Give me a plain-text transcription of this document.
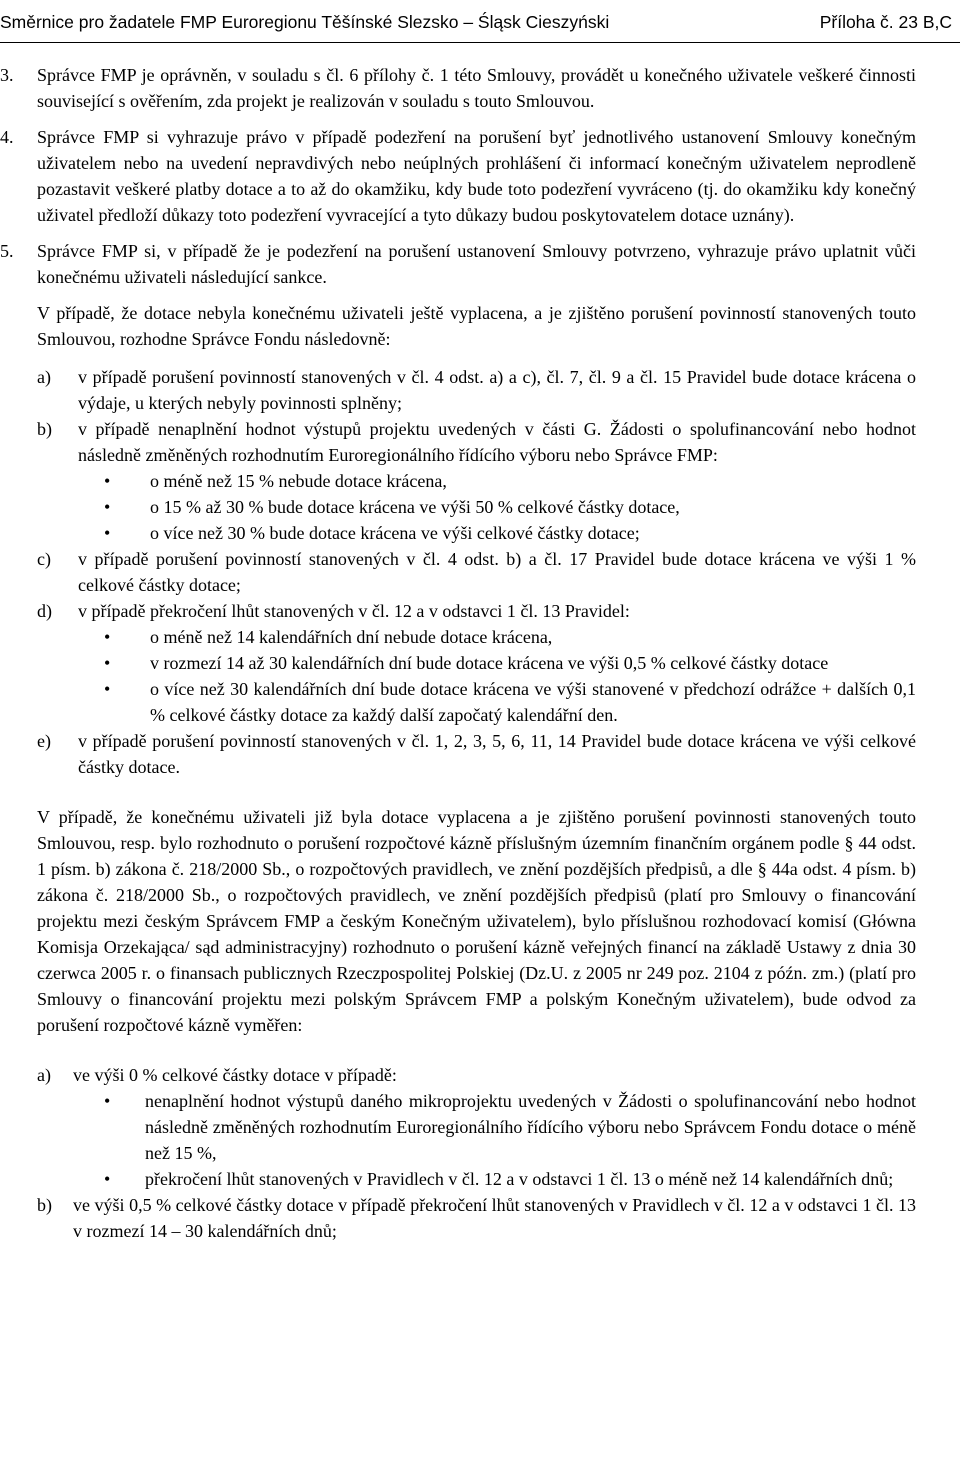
Směrnice pro žadatele FMP Euroregionu Těšínské Slezsko – Śląsk Cieszyński	Příloha č. 23 B,C
3. Správce FMP je oprávněn, v souladu s čl. 6 přílohy č. 1 této Smlouvy, provádět u konečného uživatele veškeré činnosti související s ověřením, zda projekt je realizován v souladu s touto Smlouvou.
4. Správce FMP si vyhrazuje právo v případě podezření na porušení byť jednotlivého ustanovení Smlouvy konečným uživatelem nebo na uvedení nepravdivých nebo neúplných prohlášení či informací konečným uživatelem neprodleně pozastavit veškeré platby dotace a to až do okamžiku, kdy bude toto podezření vyvráceno (tj. do okamžiku kdy konečný uživatel předloží důkazy toto podezření vyvracející a tyto důkazy budou poskytovatelem dotace uznány).
5. Správce FMP si, v případě že je podezření na porušení ustanovení Smlouvy potvrzeno, vyhrazuje právo uplatnit vůči konečnému uživateli následující sankce.
V případě, že dotace nebyla konečnému uživateli ještě vyplacena, a je zjištěno porušení povinností stanovených touto Smlouvou, rozhodne Správce Fondu následovně:
a) v případě porušení povinností stanovených v čl. 4 odst. a) a c), čl. 7, čl. 9 a čl. 15 Pravidel bude dotace krácena o výdaje, u kterých nebyly povinnosti splněny;
b) v případě nenaplnění hodnot výstupů projektu uvedených v části G. Žádosti o spolufinancování nebo hodnot následně změněných rozhodnutím Euroregionálního řídícího výboru nebo Správce FMP:
• o méně než 15 % nebude dotace krácena,
• o 15 % až 30 % bude dotace krácena ve výši 50 % celkové částky dotace,
• o více než 30 % bude dotace krácena ve výši celkové částky dotace;
c) v případě porušení povinností stanovených v čl. 4 odst. b) a čl. 17 Pravidel bude dotace krácena ve výši 1 % celkové částky dotace;
d) v případě překročení lhůt stanovených v čl. 12 a v odstavci 1 čl. 13 Pravidel:
• o méně než 14 kalendářních dní nebude dotace krácena,
• v rozmezí 14 až 30 kalendářních dní bude dotace krácena ve výši 0,5 % celkové částky dotace
• o více než 30 kalendářních dní bude dotace krácena ve výši stanovené v předchozí odrážce + dalších 0,1 % celkové částky dotace za každý další započatý kalendářní den.
e) v případě porušení povinností stanovených v čl. 1, 2, 3, 5, 6, 11, 14 Pravidel bude dotace krácena ve výši celkové částky dotace.
V případě, že konečnému uživateli již byla dotace vyplacena a je zjištěno porušení povinnosti stanovených touto Smlouvou, resp. bylo rozhodnuto o porušení rozpočtové kázně příslušným územním finančním orgánem podle § 44 odst. 1 písm. b) zákona č. 218/2000 Sb., o rozpočtových pravidlech, ve znění pozdějších předpisů, a dle § 44a odst. 4 písm. b) zákona č. 218/2000 Sb., o rozpočtových pravidlech, ve znění pozdějších předpisů (platí pro Smlouvy o financování projektu mezi českým Správcem FMP a českým Konečným uživatelem), bylo příslušnou rozhodovací komisí (Główna Komisja Orzekająca/ sąd administracyjny) rozhodnuto o porušení kázně veřejných financí na základě Ustawy z dnia 30 czerwca 2005 r. o finansach publicznych Rzeczpospolitej Polskiej (Dz.U. z 2005 nr 249 poz. 2104 z późn. zm.) (platí pro Smlouvy o financování projektu mezi polským Správcem FMP a polským Konečným uživatelem), bude odvod za porušení rozpočtové kázně vyměřen:
a) ve výši 0 % celkové částky dotace v případě:
• nenaplnění hodnot výstupů daného mikroprojektu uvedených v Žádosti o spolufinancování nebo hodnot následně změněných rozhodnutím Euroregionálního řídícího výboru nebo Správcem Fondu dotace o méně než 15 %,
• překročení lhůt stanovených v Pravidlech v čl. 12 a v odstavci 1 čl. 13 o méně než 14 kalendářních dnů;
b) ve výši 0,5 % celkové částky dotace v případě překročení lhůt stanovených v Pravidlech v čl. 12 a v odstavci 1 čl. 13 v rozmezí 14 – 30 kalendářních dnů;
